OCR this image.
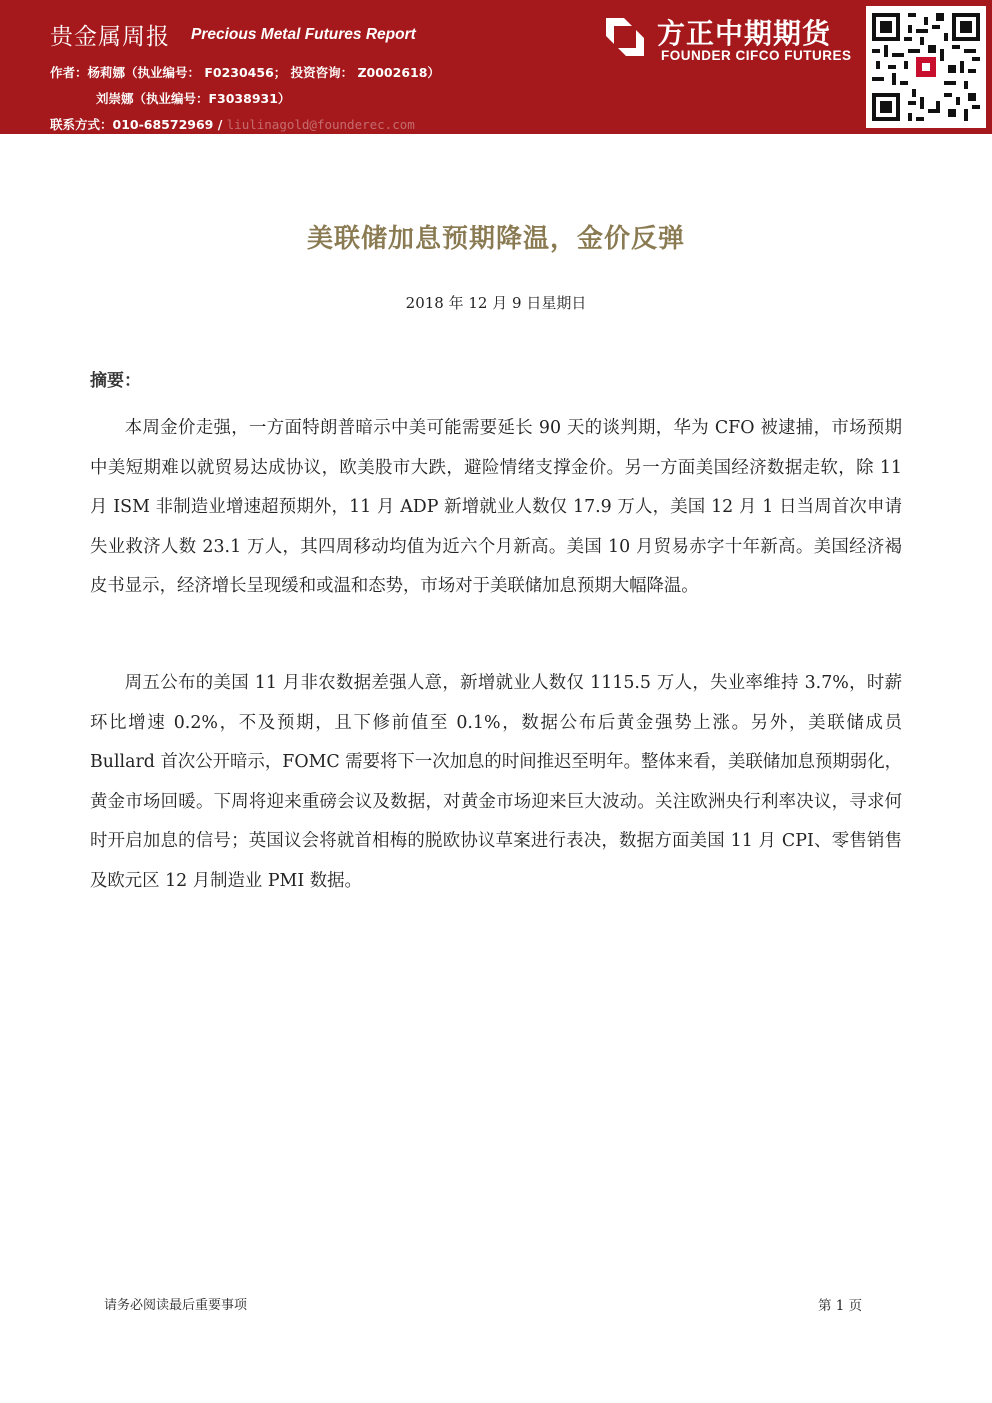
贵金属周报 Precious Metal Futures Report
作者：杨莉娜（执业编号： F0230456； 投资咨询： Z0002618）
刘崇娜（执业编号：F3038931）
联系方式：010-68572969 / liulinagold@founderec.com
方正中期期货
FOUNDER CIFCO FUTURES
美联储加息预期降温，金价反弹
2018 年 12 月 9 日星期日
摘要：

本周金价走强，一方面特朗普暗示中美可能需要延长 90 天的谈判期，华为 CFO 被逮捕，市场预期中美短期难以就贸易达成协议，欧美股市大跌，避险情绪支撑金价。另一方面美国经济数据走软，除 11 月 ISM 非制造业增速超预期外，11 月 ADP 新增就业人数仅 17.9 万人，美国 12 月 1 日当周首次申请失业救济人数 23.1 万人，其四周移动均值为近六个月新高。美国 10 月贸易赤字十年新高。美国经济褐皮书显示，经济增长呈现缓和或温和态势，市场对于美联储加息预期大幅降温。

周五公布的美国 11 月非农数据差强人意，新增就业人数仅 1115.5 万人，失业率维持 3.7%，时薪环比增速 0.2%，不及预期，且下修前值至 0.1%，数据公布后黄金强势上涨。另外，美联储成员 Bullard 首次公开暗示，FOMC 需要将下一次加息的时间推迟至明年。整体来看，美联储加息预期弱化，黄金市场回暖。下周将迎来重磅会议及数据，对黄金市场迎来巨大波动。关注欧洲央行利率决议，寻求何时开启加息的信号；英国议会将就首相梅的脱欧协议草案进行表决，数据方面美国 11 月 CPI、零售销售及欧元区 12 月制造业 PMI 数据。

请务必阅读最后重要事项	第 1 页
